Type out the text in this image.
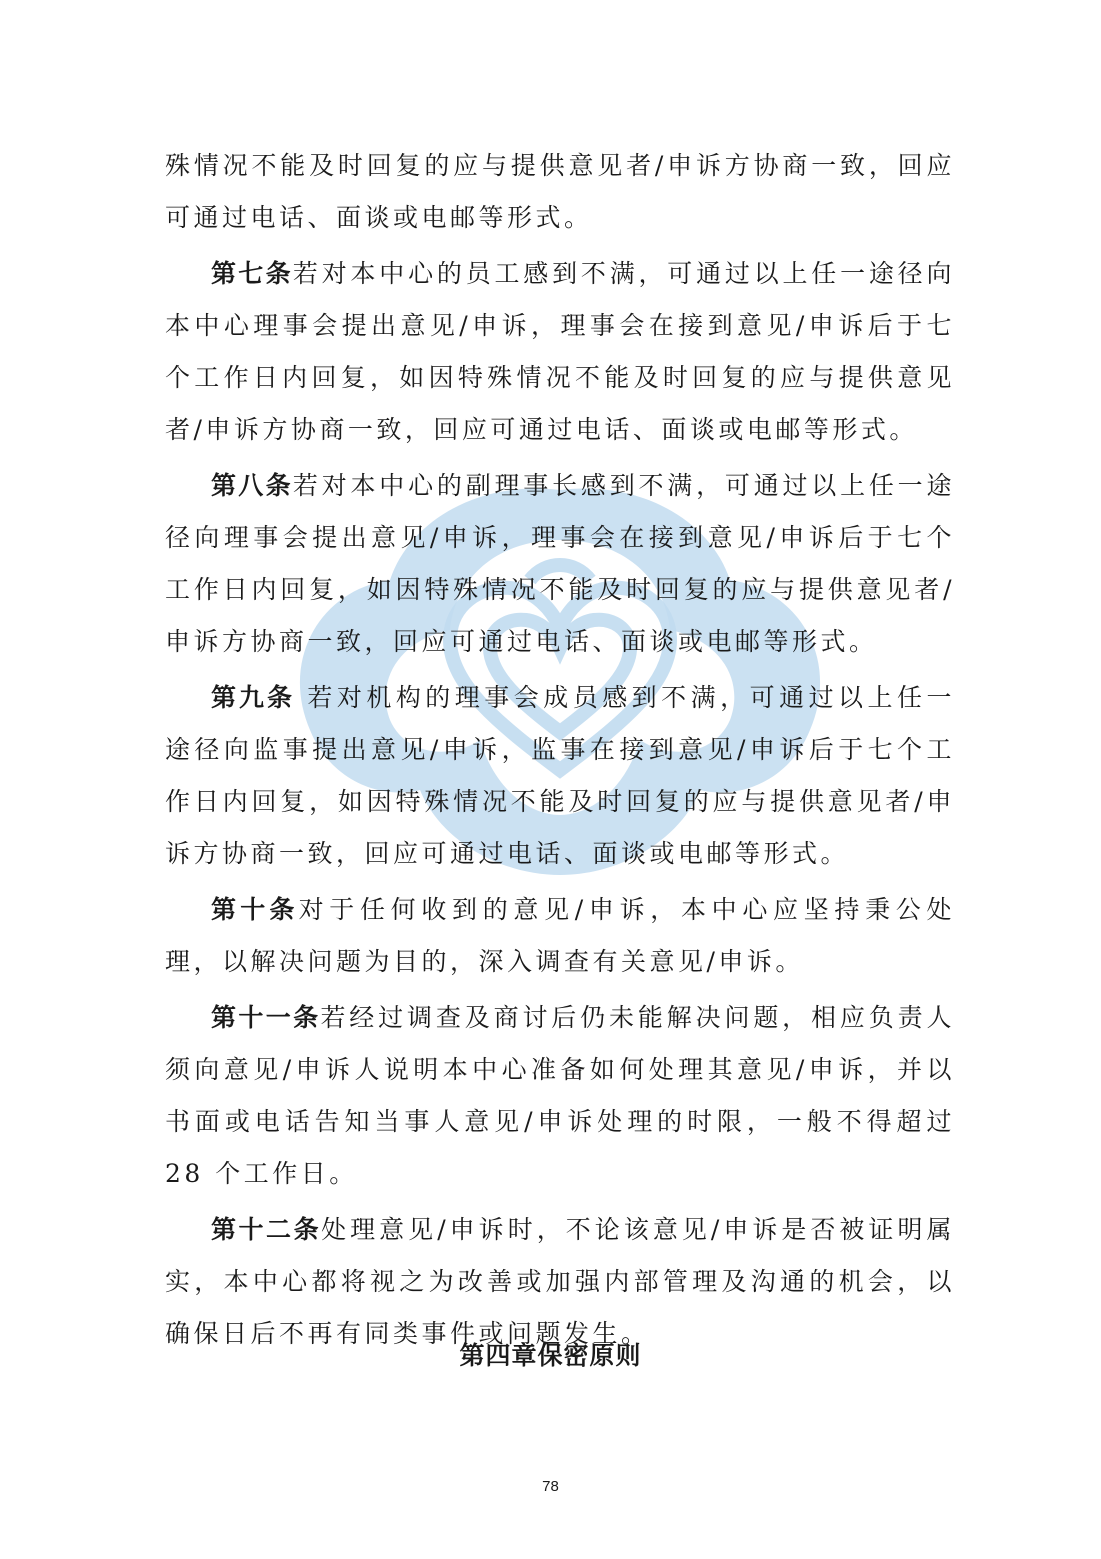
殊情况不能及时回复的应与提供意见者/申诉方协商一致，回应可通过电话、面谈或电邮等形式。

第七条若对本中心的员工感到不满，可通过以上任一途径向本中心理事会提出意见/申诉，理事会在接到意见/申诉后于七个工作日内回复，如因特殊情况不能及时回复的应与提供意见者/申诉方协商一致，回应可通过电话、面谈或电邮等形式。

第八条若对本中心的副理事长感到不满，可通过以上任一途径向理事会提出意见/申诉，理事会在接到意见/申诉后于七个工作日内回复，如因特殊情况不能及时回复的应与提供意见者/申诉方协商一致，回应可通过电话、面谈或电邮等形式。

第九条 若对机构的理事会成员感到不满，可通过以上任一途径向监事提出意见/申诉，监事在接到意见/申诉后于七个工作日内回复，如因特殊情况不能及时回复的应与提供意见者/申诉方协商一致，回应可通过电话、面谈或电邮等形式。

第十条对于任何收到的意见/申诉，本中心应坚持秉公处理，以解决问题为目的，深入调查有关意见/申诉。

第十一条若经过调查及商讨后仍未能解决问题，相应负责人须向意见/申诉人说明本中心准备如何处理其意见/申诉，并以书面或电话告知当事人意见/申诉处理的时限，一般不得超过 28 个工作日。

第十二条处理意见/申诉时，不论该意见/申诉是否被证明属实，本中心都将视之为改善或加强内部管理及沟通的机会，以确保日后不再有同类事件或问题发生。

第四章保密原则
78
